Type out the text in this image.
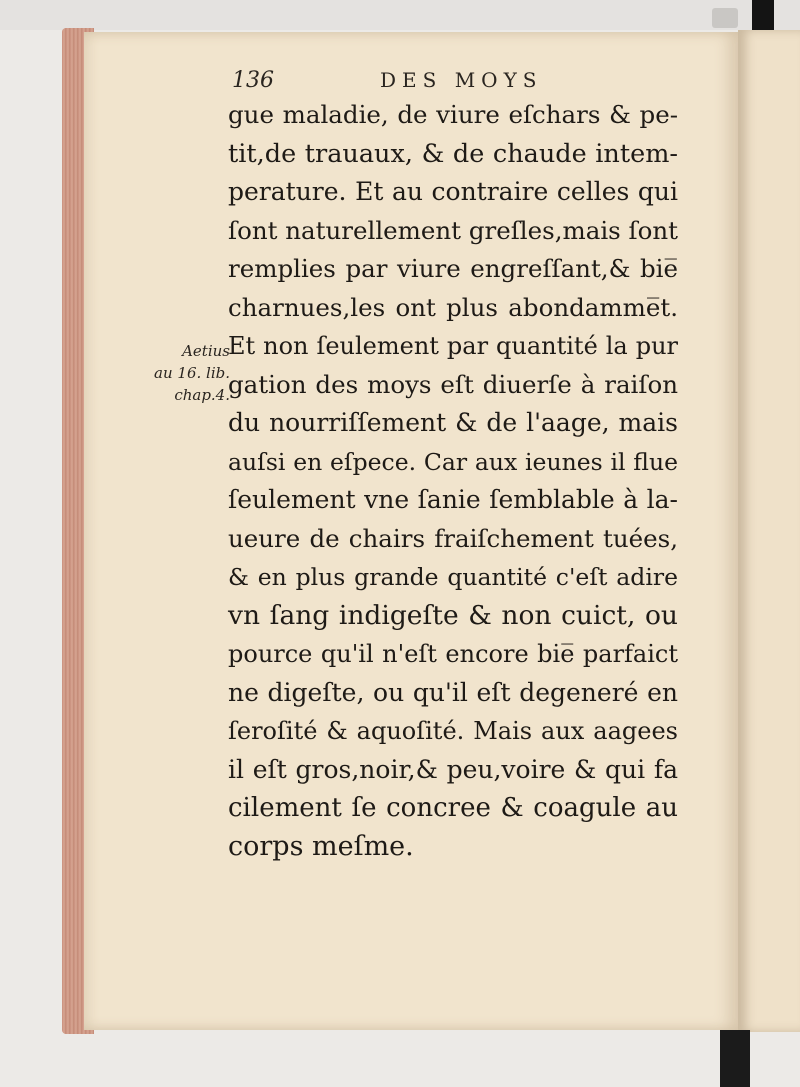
136	DES MOYS
Aetius
au 16. lib.
chap.4.
gue maladie, de viure eſchars & pe-
tit,de trauaux, & de chaude intem-
perature. Et au contraire celles qui
ſont naturellement greſles,mais ſont
remplies par viure engreſſant,& bie̅
charnues,les ont plus abondamme̅t.
Et non ſeulement par quantité la pur
gation des moys eſt diuerſe à raiſon
du nourriſſement & de l'aage, mais
auſsi en eſpece. Car aux ieunes il flue
ſeulement vne ſanie ſemblable à la-
ueure de chairs fraiſchement tuées,
& en plus grande quantité c'eſt adire
vn ſang indigeſte & non cuict, ou
pource qu'il n'eſt encore bie̅ parfaict
ne digeſte, ou qu'il eſt degeneré en
ſeroſité & aquoſité. Mais aux aagees
il eſt gros,noir,& peu,voire & qui fa
cilement ſe concree & coagule au
corps meſme.
